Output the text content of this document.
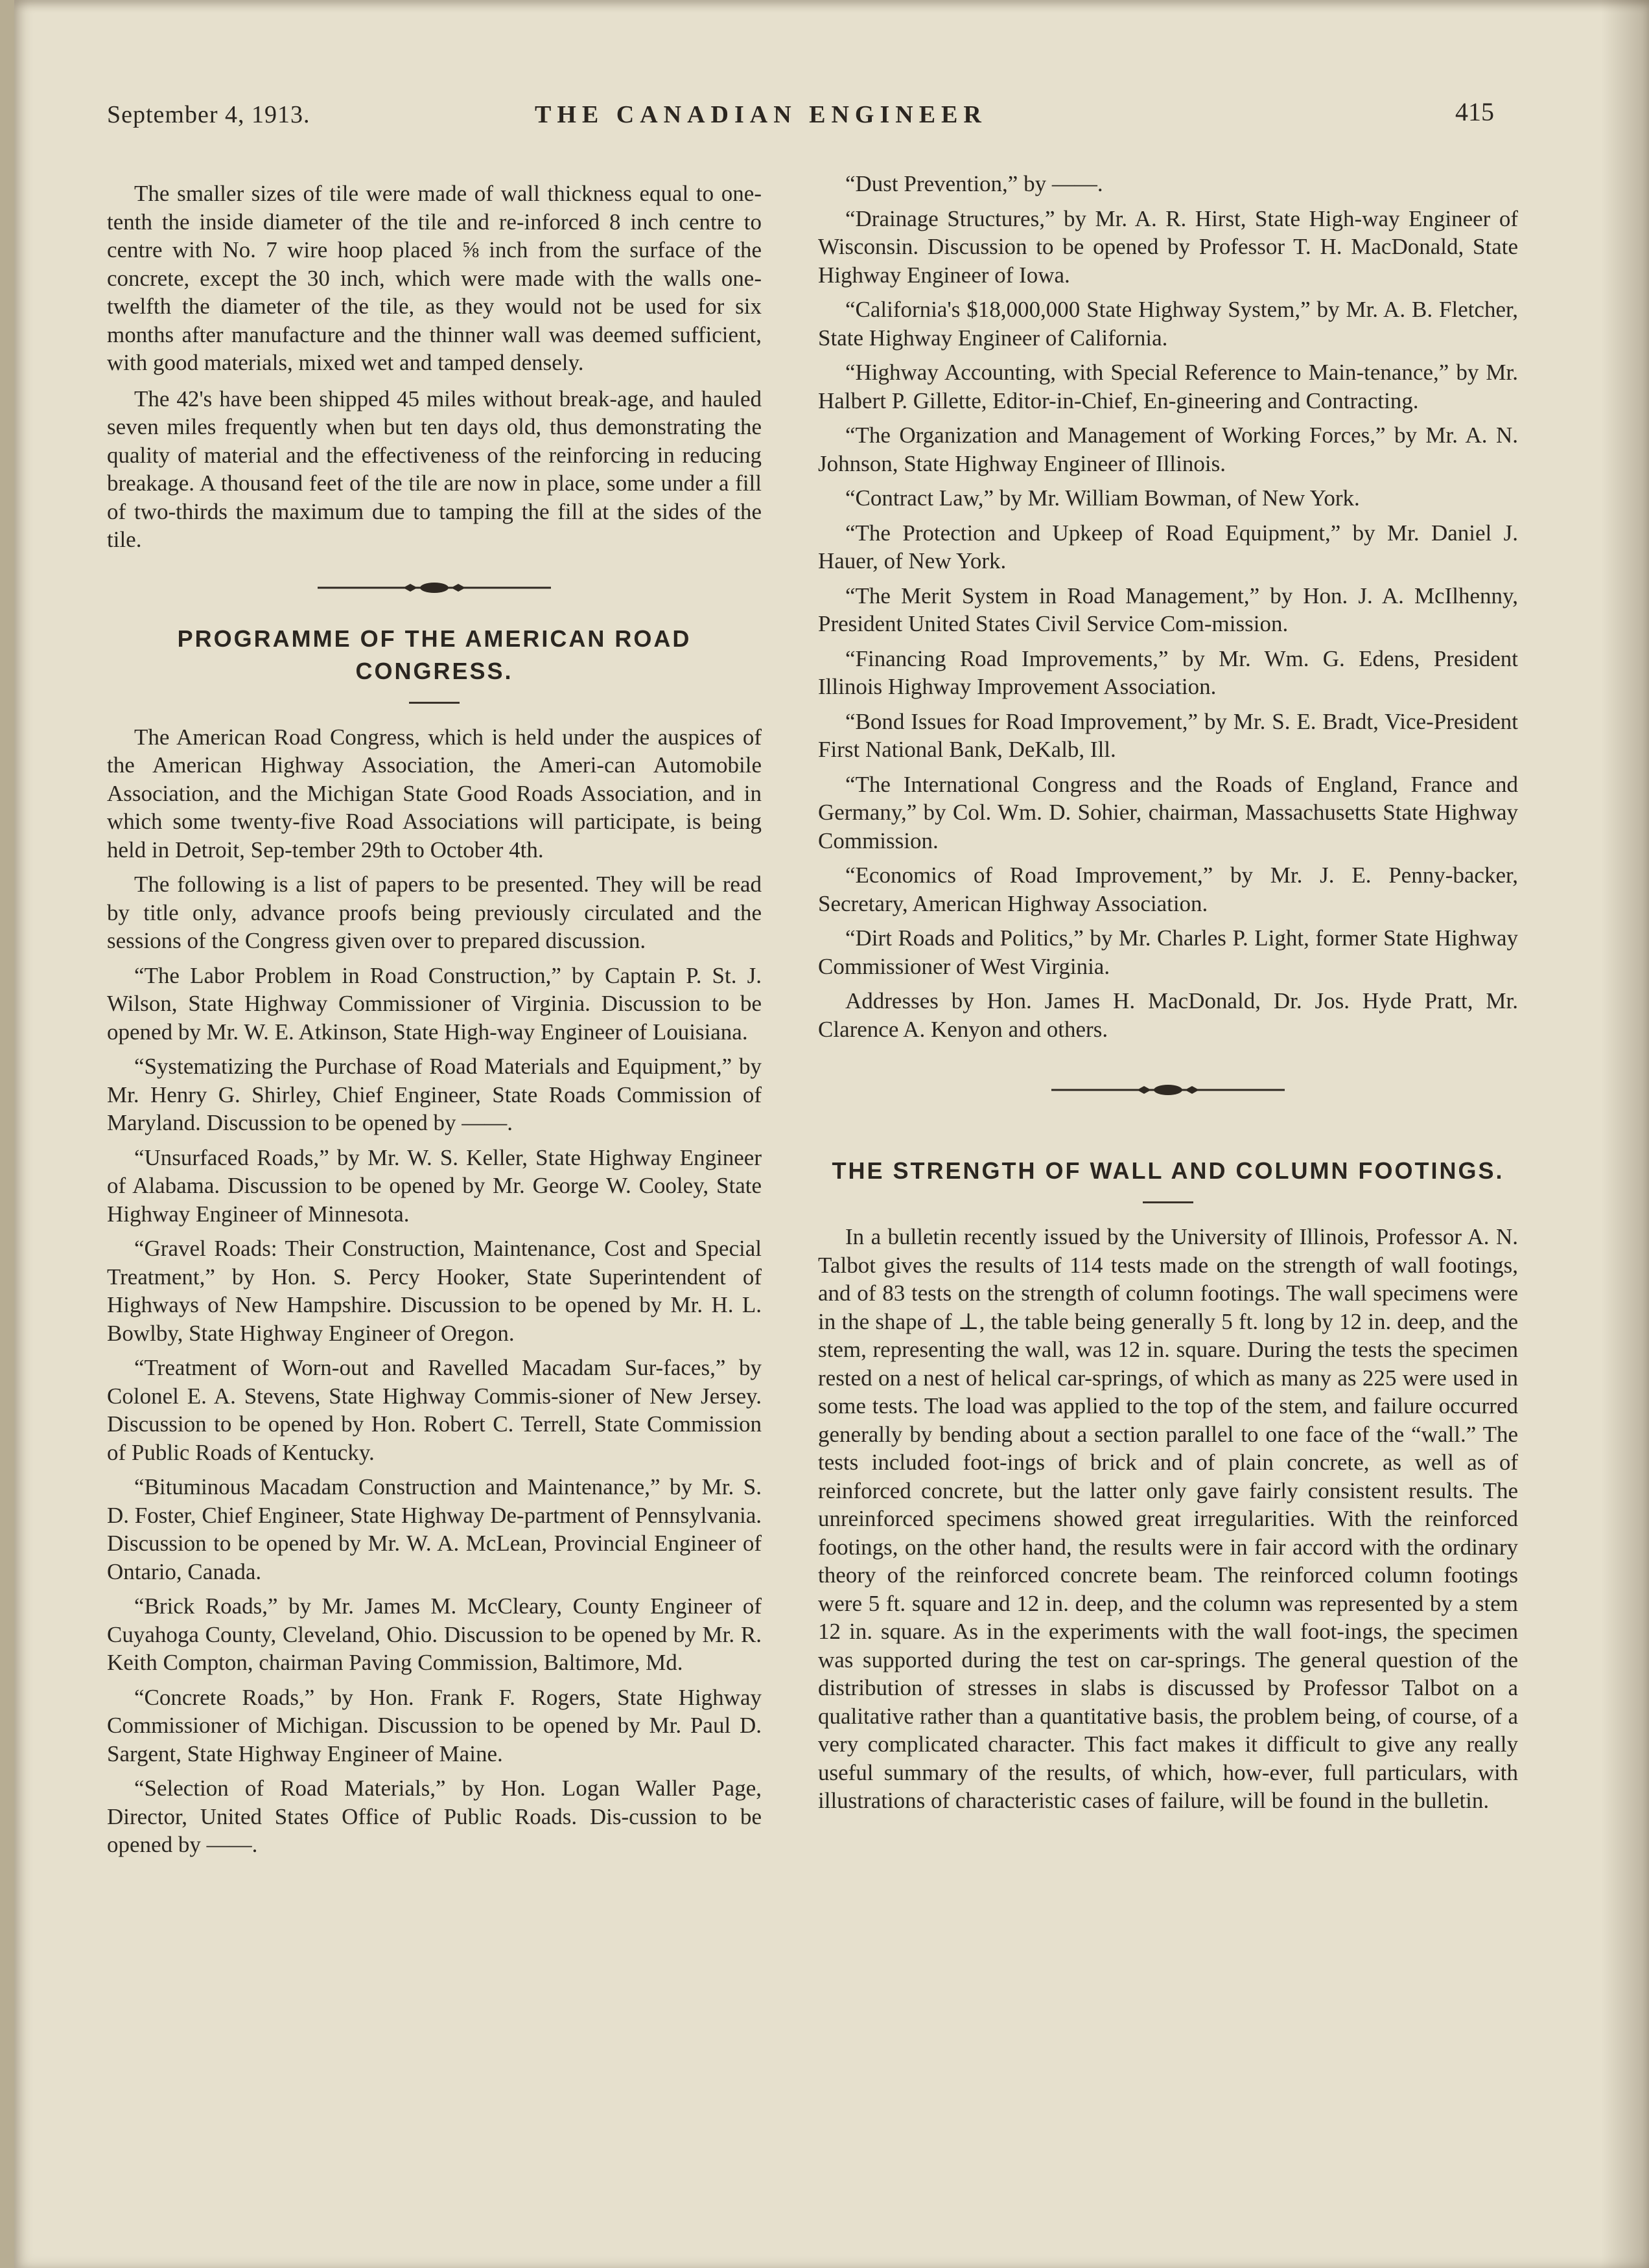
September 4, 1913.	THE CANADIAN ENGINEER	415

The smaller sizes of tile were made of wall thickness equal to one-tenth the inside diameter of the tile and re-inforced 8 inch centre to centre with No. 7 wire hoop placed ⅝ inch from the surface of the concrete, except the 30 inch, which were made with the walls one-twelfth the diameter of the tile, as they would not be used for six months after manufacture and the thinner wall was deemed sufficient, with good materials, mixed wet and tamped densely.

The 42's have been shipped 45 miles without break-age, and hauled seven miles frequently when but ten days old, thus demonstrating the quality of material and the effectiveness of the reinforcing in reducing breakage. A thousand feet of the tile are now in place, some under a fill of two-thirds the maximum due to tamping the fill at the sides of the tile.

PROGRAMME OF THE AMERICAN ROAD CONGRESS.

The American Road Congress, which is held under the auspices of the American Highway Association, the Ameri-can Automobile Association, and the Michigan State Good Roads Association, and in which some twenty-five Road Associations will participate, is being held in Detroit, Sep-tember 29th to October 4th.

The following is a list of papers to be presented. They will be read by title only, advance proofs being previously circulated and the sessions of the Congress given over to prepared discussion.

“The Labor Problem in Road Construction,” by Captain P. St. J. Wilson, State Highway Commissioner of Virginia. Discussion to be opened by Mr. W. E. Atkinson, State High-way Engineer of Louisiana.

“Systematizing the Purchase of Road Materials and Equipment,” by Mr. Henry G. Shirley, Chief Engineer, State Roads Commission of Maryland. Discussion to be opened by ——.

“Unsurfaced Roads,” by Mr. W. S. Keller, State Highway Engineer of Alabama. Discussion to be opened by Mr. George W. Cooley, State Highway Engineer of Minnesota.

“Gravel Roads: Their Construction, Maintenance, Cost and Special Treatment,” by Hon. S. Percy Hooker, State Superintendent of Highways of New Hampshire. Discussion to be opened by Mr. H. L. Bowlby, State Highway Engineer of Oregon.

“Treatment of Worn-out and Ravelled Macadam Sur-faces,” by Colonel E. A. Stevens, State Highway Commis-sioner of New Jersey. Discussion to be opened by Hon. Robert C. Terrell, State Commission of Public Roads of Kentucky.

“Bituminous Macadam Construction and Maintenance,” by Mr. S. D. Foster, Chief Engineer, State Highway De-partment of Pennsylvania. Discussion to be opened by Mr. W. A. McLean, Provincial Engineer of Ontario, Canada.

“Brick Roads,” by Mr. James M. McCleary, County Engineer of Cuyahoga County, Cleveland, Ohio. Discussion to be opened by Mr. R. Keith Compton, chairman Paving Commission, Baltimore, Md.

“Concrete Roads,” by Hon. Frank F. Rogers, State Highway Commissioner of Michigan. Discussion to be opened by Mr. Paul D. Sargent, State Highway Engineer of Maine.

“Selection of Road Materials,” by Hon. Logan Waller Page, Director, United States Office of Public Roads. Dis-cussion to be opened by ——.

“Dust Prevention,” by ——.

“Drainage Structures,” by Mr. A. R. Hirst, State High-way Engineer of Wisconsin. Discussion to be opened by Professor T. H. MacDonald, State Highway Engineer of Iowa.

“California's $18,000,000 State Highway System,” by Mr. A. B. Fletcher, State Highway Engineer of California.

“Highway Accounting, with Special Reference to Main-tenance,” by Mr. Halbert P. Gillette, Editor-in-Chief, En-gineering and Contracting.

“The Organization and Management of Working Forces,” by Mr. A. N. Johnson, State Highway Engineer of Illinois.

“Contract Law,” by Mr. William Bowman, of New York.

“The Protection and Upkeep of Road Equipment,” by Mr. Daniel J. Hauer, of New York.

“The Merit System in Road Management,” by Hon. J. A. McIlhenny, President United States Civil Service Com-mission.

“Financing Road Improvements,” by Mr. Wm. G. Edens, President Illinois Highway Improvement Association.

“Bond Issues for Road Improvement,” by Mr. S. E. Bradt, Vice-President First National Bank, DeKalb, Ill.

“The International Congress and the Roads of England, France and Germany,” by Col. Wm. D. Sohier, chairman, Massachusetts State Highway Commission.

“Economics of Road Improvement,” by Mr. J. E. Penny-backer, Secretary, American Highway Association.

“Dirt Roads and Politics,” by Mr. Charles P. Light, former State Highway Commissioner of West Virginia.

Addresses by Hon. James H. MacDonald, Dr. Jos. Hyde Pratt, Mr. Clarence A. Kenyon and others.

THE STRENGTH OF WALL AND COLUMN FOOTINGS.

In a bulletin recently issued by the University of Illinois, Professor A. N. Talbot gives the results of 114 tests made on the strength of wall footings, and of 83 tests on the strength of column footings. The wall specimens were in the shape of ⊥, the table being generally 5 ft. long by 12 in. deep, and the stem, representing the wall, was 12 in. square. During the tests the specimen rested on a nest of helical car-springs, of which as many as 225 were used in some tests. The load was applied to the top of the stem, and failure occurred generally by bending about a section parallel to one face of the “wall.” The tests included foot-ings of brick and of plain concrete, as well as of reinforced concrete, but the latter only gave fairly consistent results. The unreinforced specimens showed great irregularities. With the reinforced footings, on the other hand, the results were in fair accord with the ordinary theory of the reinforced concrete beam. The reinforced column footings were 5 ft. square and 12 in. deep, and the column was represented by a stem 12 in. square. As in the experiments with the wall foot-ings, the specimen was supported during the test on car-springs. The general question of the distribution of stresses in slabs is discussed by Professor Talbot on a qualitative rather than a quantitative basis, the problem being, of course, of a very complicated character. This fact makes it difficult to give any really useful summary of the results, of which, how-ever, full particulars, with illustrations of characteristic cases of failure, will be found in the bulletin.
